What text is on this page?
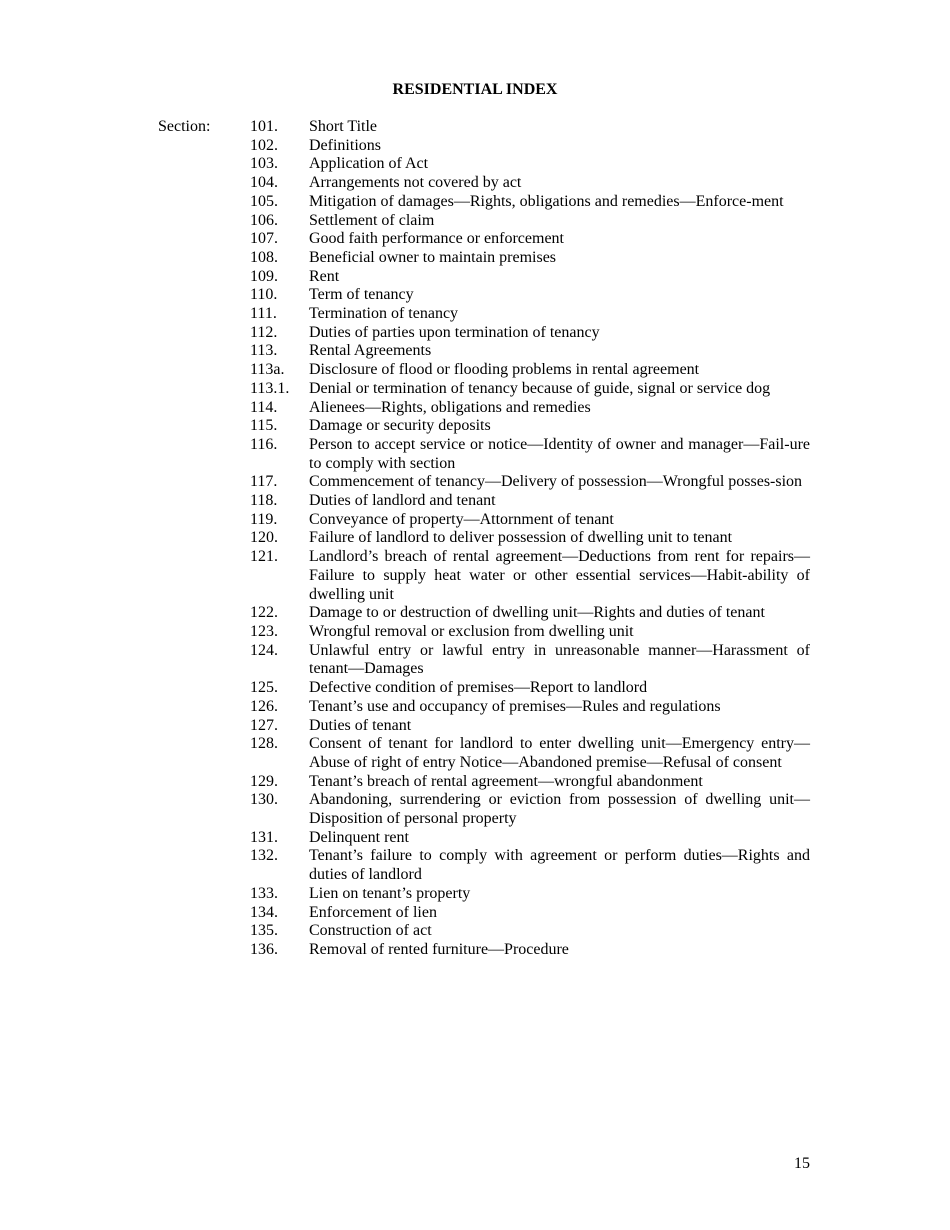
RESIDENTIAL INDEX
Section: 101.	Short Title
102.	Definitions
103.	Application of Act
104.	Arrangements not covered by act
105.	Mitigation of damages—Rights, obligations and remedies—Enforce-ment
106.	Settlement of claim
107.	Good faith performance or enforcement
108.	Beneficial owner to maintain premises
109.	Rent
110.	Term of tenancy
111.	Termination of tenancy
112.	Duties of parties upon termination of tenancy
113.	Rental Agreements
113a.	Disclosure of flood or flooding problems in rental agreement
113.1.	Denial or termination of tenancy because of guide, signal or service dog
114.	Alienees—Rights, obligations and remedies
115.	Damage or security deposits
116.	Person to accept service or notice—Identity of owner and manager—Fail-ure to comply with section
117.	Commencement of tenancy—Delivery of possession—Wrongful posses-sion
118.	Duties of landlord and tenant
119.	Conveyance of property—Attornment of tenant
120.	Failure of landlord to deliver possession of dwelling unit to tenant
121.	Landlord’s breach of rental agreement—Deductions from rent for repairs—Failure to supply heat water or other essential services—Habit-ability of dwelling unit
122.	Damage to or destruction of dwelling unit—Rights and duties of tenant
123.	Wrongful removal or exclusion from dwelling unit
124.	Unlawful entry or lawful entry in unreasonable manner—Harassment of tenant—Damages
125.	Defective condition of premises—Report to landlord
126.	Tenant’s use and occupancy of premises—Rules and regulations
127.	Duties of tenant
128.	Consent of tenant for landlord to enter dwelling unit—Emergency entry—Abuse of right of entry Notice—Abandoned premise—Refusal of consent
129.	Tenant’s breach of rental agreement—wrongful abandonment
130.	Abandoning, surrendering or eviction from possession of dwelling unit—Disposition of personal property
131.	Delinquent rent
132.	Tenant’s failure to comply with agreement or perform duties—Rights and duties of landlord
133.	Lien on tenant’s property
134.	Enforcement of lien
135.	Construction of act
136.	Removal of rented furniture—Procedure
15
